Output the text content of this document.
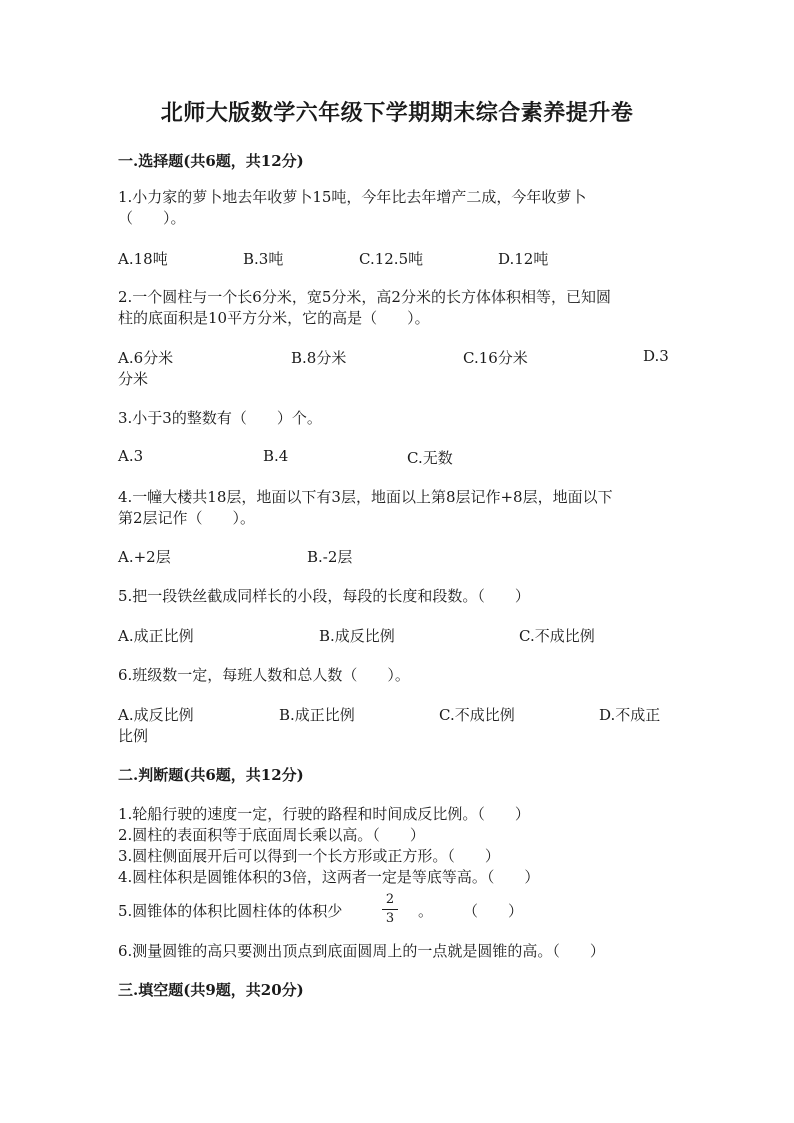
北师大版数学六年级下学期期末综合素养提升卷
一.选择题(共6题，共12分)
1.小力家的萝卜地去年收萝卜15吨，今年比去年增产二成，今年收萝卜
（　　）。
A.18吨	B.3吨	C.12.5吨	D.12吨
2.一个圆柱与一个长6分米，宽5分米，高2分米的长方体体积相等，已知圆
柱的底面积是10平方分米，它的高是（　　）。
A.6分米	B.8分米	C.16分米	D.3
分米
3.小于3的整数有（　　）个。
A.3	B.4	C.无数
4.一幢大楼共18层，地面以下有3层，地面以上第8层记作+8层，地面以下
第2层记作（　　）。
A.+2层	B.-2层
5.把一段铁丝截成同样长的小段，每段的长度和段数。（　　）
A.成正比例	B.成反比例	C.不成比例
6.班级数一定，每班人数和总人数（　　）。
A.成反比例	B.成正比例	C.不成比例	D.不成正
比例
二.判断题(共6题，共12分)
1.轮船行驶的速度一定，行驶的路程和时间成反比例。（　　）
2.圆柱的表面积等于底面周长乘以高。（　　）
3.圆柱侧面展开后可以得到一个长方形或正方形。（　　）
4.圆柱体积是圆锥体积的3倍，这两者一定是等底等高。（　　）
5.圆锥体的体积比圆柱体的体积少
2
3 。　　　（　　）
6.测量圆锥的高只要测出顶点到底面圆周上的一点就是圆锥的高。（　　）
三.填空题(共9题，共20分)
